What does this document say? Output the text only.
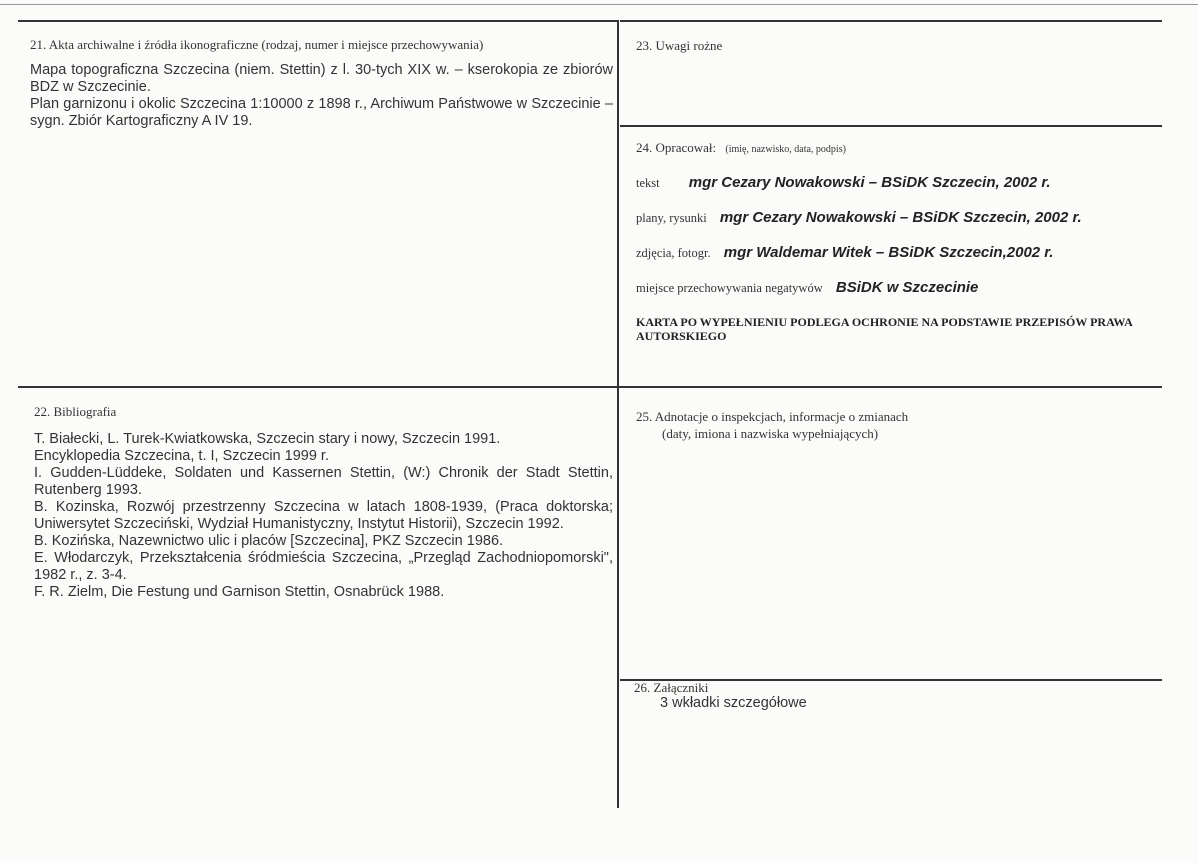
21. Akta archiwalne i źródła ikonograficzne (rodzaj, numer i miejsce przechowywania)
Mapa topograficzna Szczecina (niem. Stettin) z l. 30-tych XIX w. – kserokopia ze zbiorów BDZ w Szczecinie.
Plan garnizonu i okolic Szczecina 1:10000 z 1898 r., Archiwum Państwowe w Szczecinie – sygn. Zbiór Kartograficzny A IV 19.
23. Uwagi rożne
24. Opracował: (imię, nazwisko, data, podpis)
tekst mgr Cezary Nowakowski – BSiDK Szczecin, 2002 r.
plany, rysunki mgr Cezary Nowakowski – BSiDK Szczecin, 2002 r.
zdjęcia, fotogr. mgr Waldemar Witek – BSiDK Szczecin,2002 r.
miejsce przechowywania negatywów BSiDK w Szczecinie
KARTA PO WYPEŁNIENIU PODLEGA OCHRONIE NA PODSTAWIE PRZEPISÓW PRAWA AUTORSKIEGO
22. Bibliografia

T. Białecki, L. Turek-Kwiatkowska, Szczecin stary i nowy, Szczecin 1991.

Encyklopedia Szczecina, t. I, Szczecin 1999 r.

I. Gudden-Lüddeke, Soldaten und Kassernen Stettin, (W:) Chronik der Stadt Stettin, Rutenberg 1993.

B. Kozinska, Rozwój przestrzenny Szczecina w latach 1808-1939, (Praca doktorska; Uniwersytet Szczeciński, Wydział Humanistyczny, Instytut Historii), Szczecin 1992.

B. Kozińska, Nazewnictwo ulic i placów [Szczecina], PKZ Szczecin 1986.

E. Włodarczyk, Przekształcenia śródmieścia Szczecina, „Przegląd Zachodniopomorski", 1982 r., z. 3-4.

F. R. Zielm, Die Festung und Garnison Stettin, Osnabrück 1988.

25. Adnotacje o inspekcjach, informacje o zmianach
(daty, imiona i nazwiska wypełniających)
26. Załączniki
3 wkładki szczegółowe
